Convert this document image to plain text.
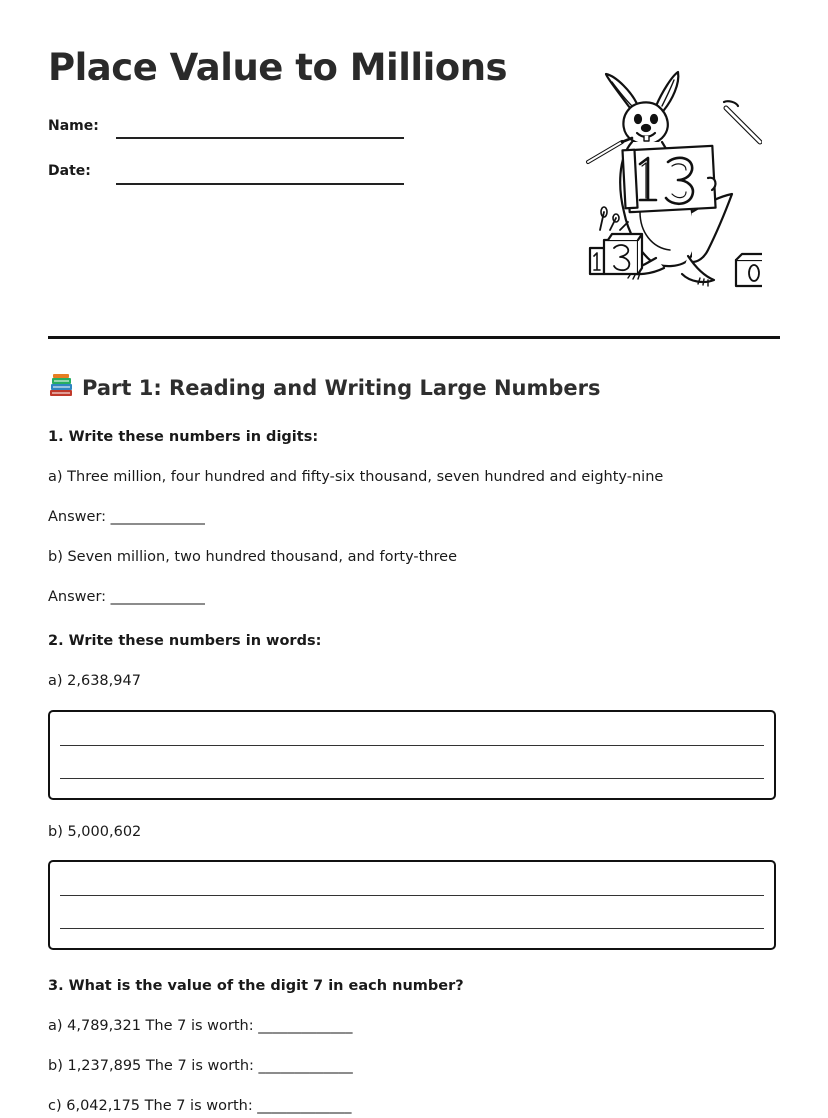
Place Value to Millions
Name:
Date:
Part 1: Reading and Writing Large Numbers
1. Write these numbers in digits:
a) Three million, four hundred and fifty-six thousand, seven hundred and eighty-nine
Answer: _____________
b) Seven million, two hundred thousand, and forty-three
Answer: _____________
2. Write these numbers in words:
a) 2,638,947
b) 5,000,602
3. What is the value of the digit 7 in each number?
a) 4,789,321 The 7 is worth: _____________
b) 1,237,895 The 7 is worth: _____________
c) 6,042,175 The 7 is worth: _____________
